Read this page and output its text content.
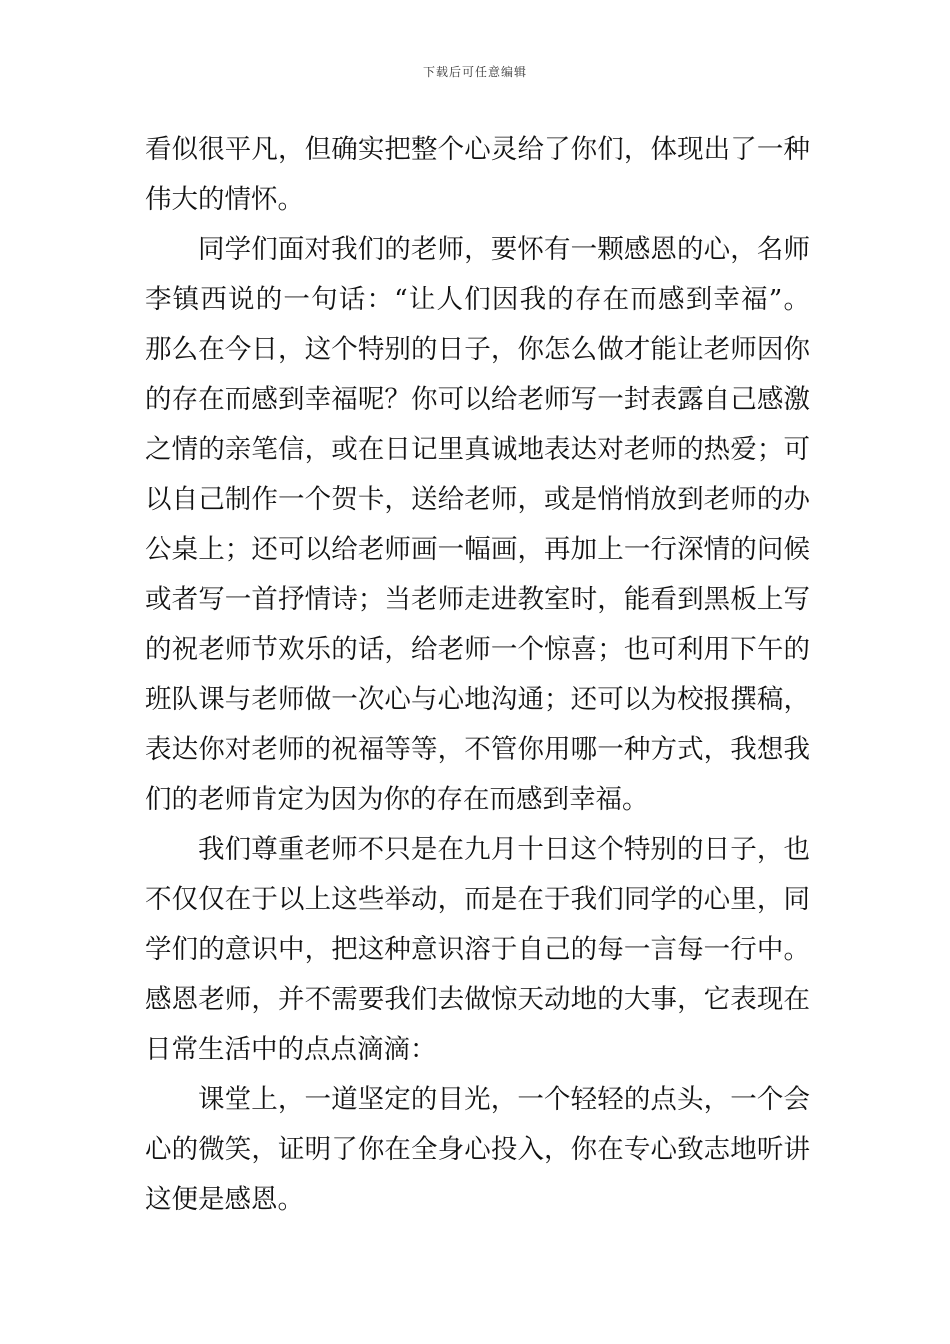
下载后可任意编辑
看似很平凡，但确实把整个心灵给了你们，体现出了一种
伟大的情怀。
同学们面对我们的老师，要怀有一颗感恩的心，名师
李镇西说的一句话：“让人们因我的存在而感到幸福”。
那么在今日，这个特别的日子，你怎么做才能让老师因你
的存在而感到幸福呢？你可以给老师写一封表露自己感激
之情的亲笔信，或在日记里真诚地表达对老师的热爱；可
以自己制作一个贺卡，送给老师，或是悄悄放到老师的办
公桌上；还可以给老师画一幅画，再加上一行深情的问候
或者写一首抒情诗；当老师走进教室时，能看到黑板上写
的祝老师节欢乐的话，给老师一个惊喜；也可利用下午的
班队课与老师做一次心与心地沟通；还可以为校报撰稿，
表达你对老师的祝福等等，不管你用哪一种方式，我想我
们的老师肯定为因为你的存在而感到幸福。
我们尊重老师不只是在九月十日这个特别的日子，也
不仅仅在于以上这些举动，而是在于我们同学的心里，同
学们的意识中，把这种意识溶于自己的每一言每一行中。
感恩老师，并不需要我们去做惊天动地的大事，它表现在
日常生活中的点点滴滴：
课堂上，一道坚定的目光，一个轻轻的点头，一个会
心的微笑，证明了你在全身心投入，你在专心致志地听讲
这便是感恩。
